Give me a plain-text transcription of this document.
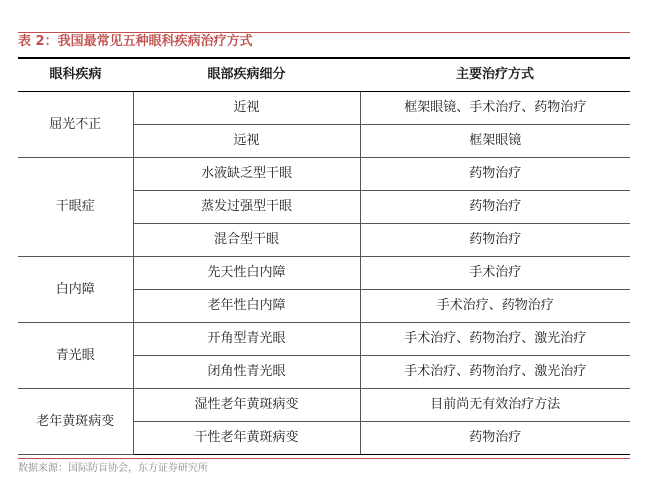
表 2：我国最常见五种眼科疾病治疗方式
眼科疾病	眼部疾病细分	主要治疗方式
屈光不正	近视	框架眼镜、手术治疗、药物治疗
	远视	框架眼镜
干眼症	水液缺乏型干眼	药物治疗
	蒸发过强型干眼	药物治疗
	混合型干眼	药物治疗
白内障	先天性白内障	手术治疗
	老年性白内障	手术治疗、药物治疗
青光眼	开角型青光眼	手术治疗、药物治疗、激光治疗
	闭角性青光眼	手术治疗、药物治疗、激光治疗
老年黄斑病变	湿性老年黄斑病变	目前尚无有效治疗方法
	干性老年黄斑病变	药物治疗
数据来源：国际防盲协会，东方证券研究所
